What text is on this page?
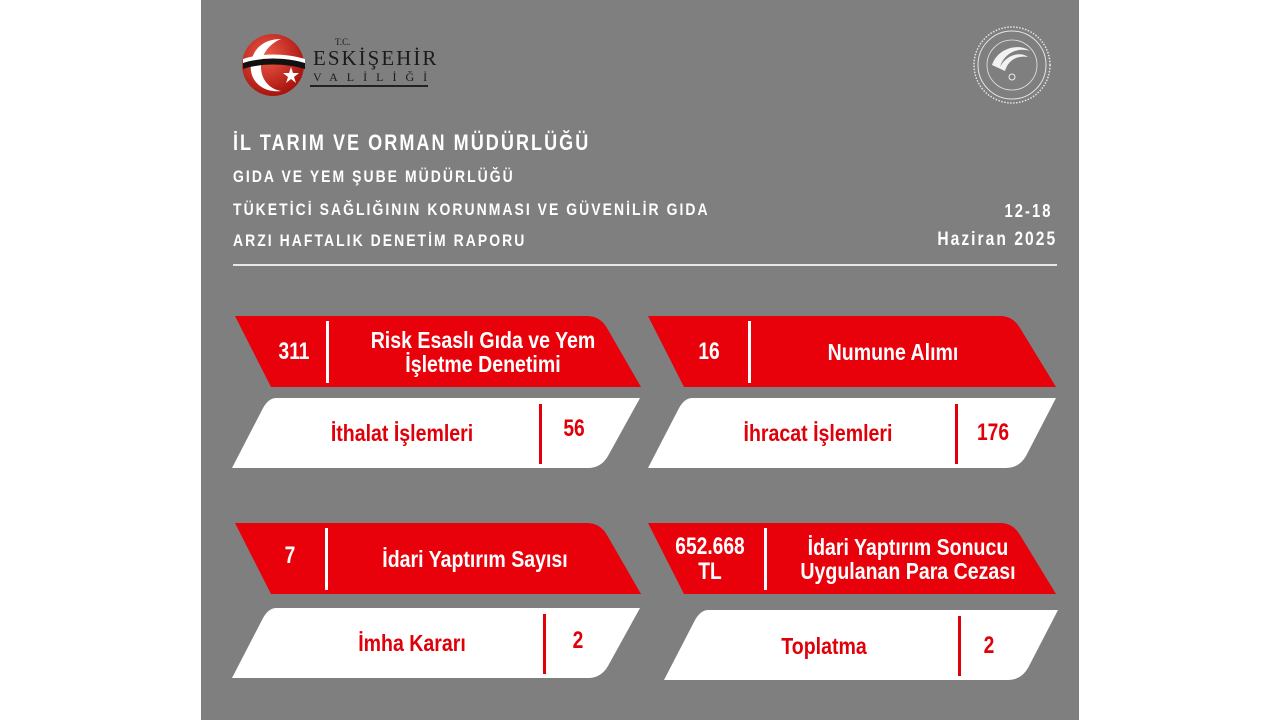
T.C.
ESKİŞEHİR
VALİLİĞİ
İL TARIM VE ORMAN MÜDÜRLÜĞÜ
GIDA VE YEM ŞUBE MÜDÜRLÜĞÜ
TÜKETİCİ SAĞLIĞININ KORUNMASI VE GÜVENİLİR GIDA
ARZI HAFTALIK DENETİM RAPORU
12-18
Haziran 2025
311	Risk Esaslı Gıda ve Yem
İşletme Denetimi
İthalat İşlemleri	56
16	Numune Alımı
İhracat İşlemleri	176
7	İdari Yaptırım Sayısı
İmha Kararı	2
652.668
TL
İdari Yaptırım Sonucu
Uygulanan Para Cezası
Toplatma	2
